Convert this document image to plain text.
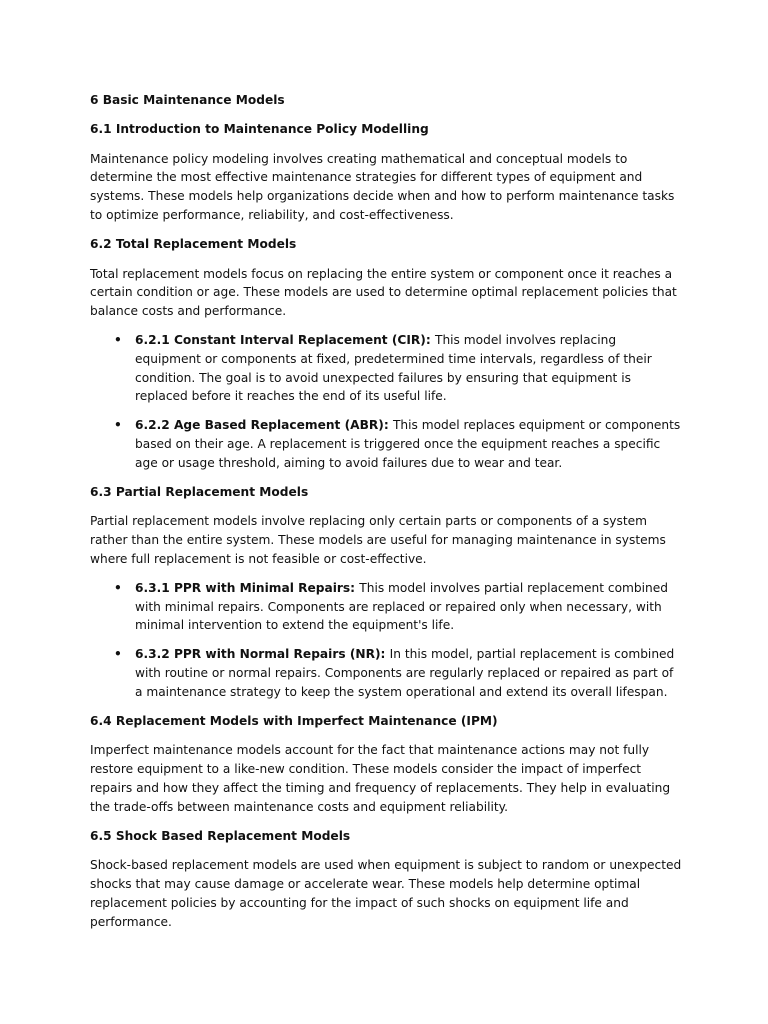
6 Basic Maintenance Models

6.1 Introduction to Maintenance Policy Modelling

Maintenance policy modeling involves creating mathematical and conceptual models to determine the most effective maintenance strategies for different types of equipment and systems. These models help organizations decide when and how to perform maintenance tasks to optimize performance, reliability, and cost-effectiveness.

6.2 Total Replacement Models

Total replacement models focus on replacing the entire system or component once it reaches a certain condition or age. These models are used to determine optimal replacement policies that balance costs and performance.

• 6.2.1 Constant Interval Replacement (CIR): This model involves replacing equipment or components at fixed, predetermined time intervals, regardless of their condition. The goal is to avoid unexpected failures by ensuring that equipment is replaced before it reaches the end of its useful life.
• 6.2.2 Age Based Replacement (ABR): This model replaces equipment or components based on their age. A replacement is triggered once the equipment reaches a specific age or usage threshold, aiming to avoid failures due to wear and tear.

6.3 Partial Replacement Models

Partial replacement models involve replacing only certain parts or components of a system rather than the entire system. These models are useful for managing maintenance in systems where full replacement is not feasible or cost-effective.

• 6.3.1 PPR with Minimal Repairs: This model involves partial replacement combined with minimal repairs. Components are replaced or repaired only when necessary, with minimal intervention to extend the equipment's life.
• 6.3.2 PPR with Normal Repairs (NR): In this model, partial replacement is combined with routine or normal repairs. Components are regularly replaced or repaired as part of a maintenance strategy to keep the system operational and extend its overall lifespan.

6.4 Replacement Models with Imperfect Maintenance (IPM)

Imperfect maintenance models account for the fact that maintenance actions may not fully restore equipment to a like-new condition. These models consider the impact of imperfect repairs and how they affect the timing and frequency of replacements. They help in evaluating the trade-offs between maintenance costs and equipment reliability.

6.5 Shock Based Replacement Models

Shock-based replacement models are used when equipment is subject to random or unexpected shocks that may cause damage or accelerate wear. These models help determine optimal replacement policies by accounting for the impact of such shocks on equipment life and performance.
